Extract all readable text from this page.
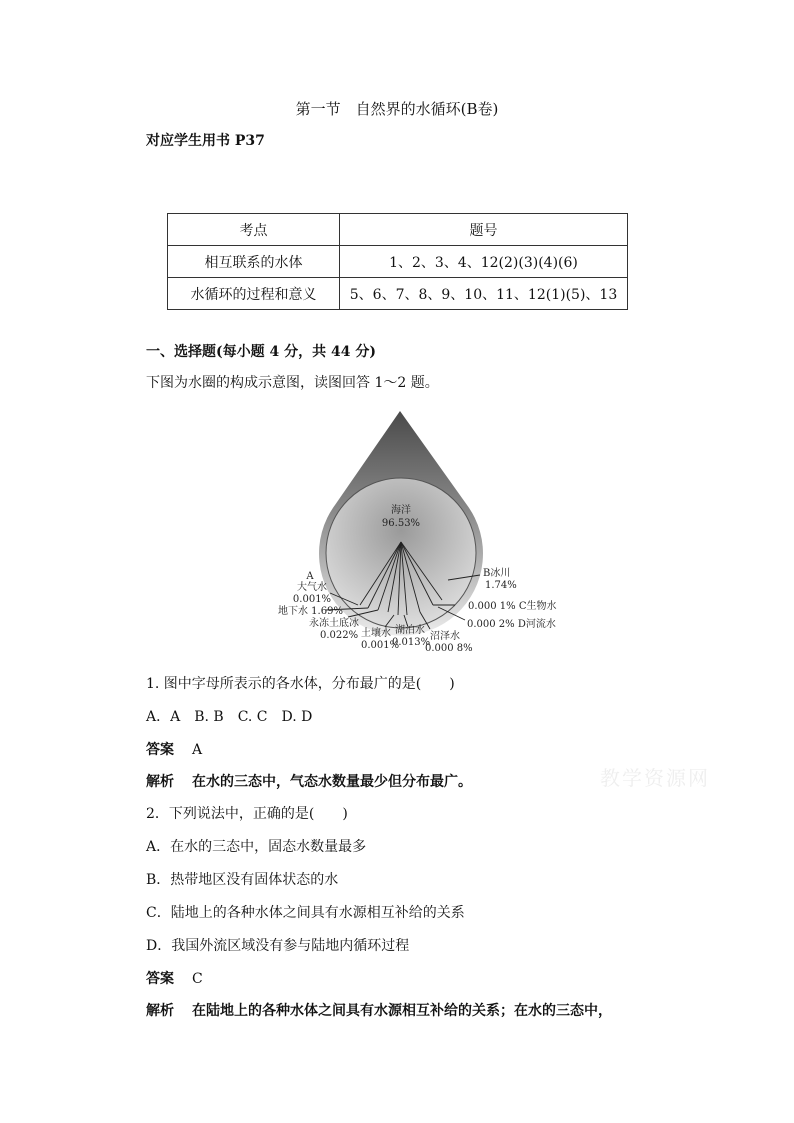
第一节　自然界的水循环(B卷)
对应学生用书 P37
考点	题号
相互联系的水体	1、2、3、4、12(2)(3)(4)(6)
水循环的过程和意义	5、6、7、8、9、10、11、12(1)(5)、13
一、选择题(每小题 4 分，共 44 分)
下图为水圈的构成示意图，读图回答 1～2 题。
海洋
96.53%
A
大气水
0.001%
B冰川
1.74%
0.000 1% C生物水
0.000 2% D河流水
地下水 1.69%
永冻土底冰
0.022% 土壤水
0.001%
湖泊水
0.013%
沼泽水
0.000 8%
1. 图中字母所表示的各水体，分布最广的是(　　)
A．A　B. B　C. C　D. D
答案 A
解析 在水的三态中，气态水数量最少但分布最广。	教学资源网
2．下列说法中，正确的是(　　)
A．在水的三态中，固态水数量最多
B．热带地区没有固体状态的水
C．陆地上的各种水体之间具有水源相互补给的关系
D．我国外流区域没有参与陆地内循环过程
答案 C
解析 在陆地上的各种水体之间具有水源相互补给的关系；在水的三态中，
